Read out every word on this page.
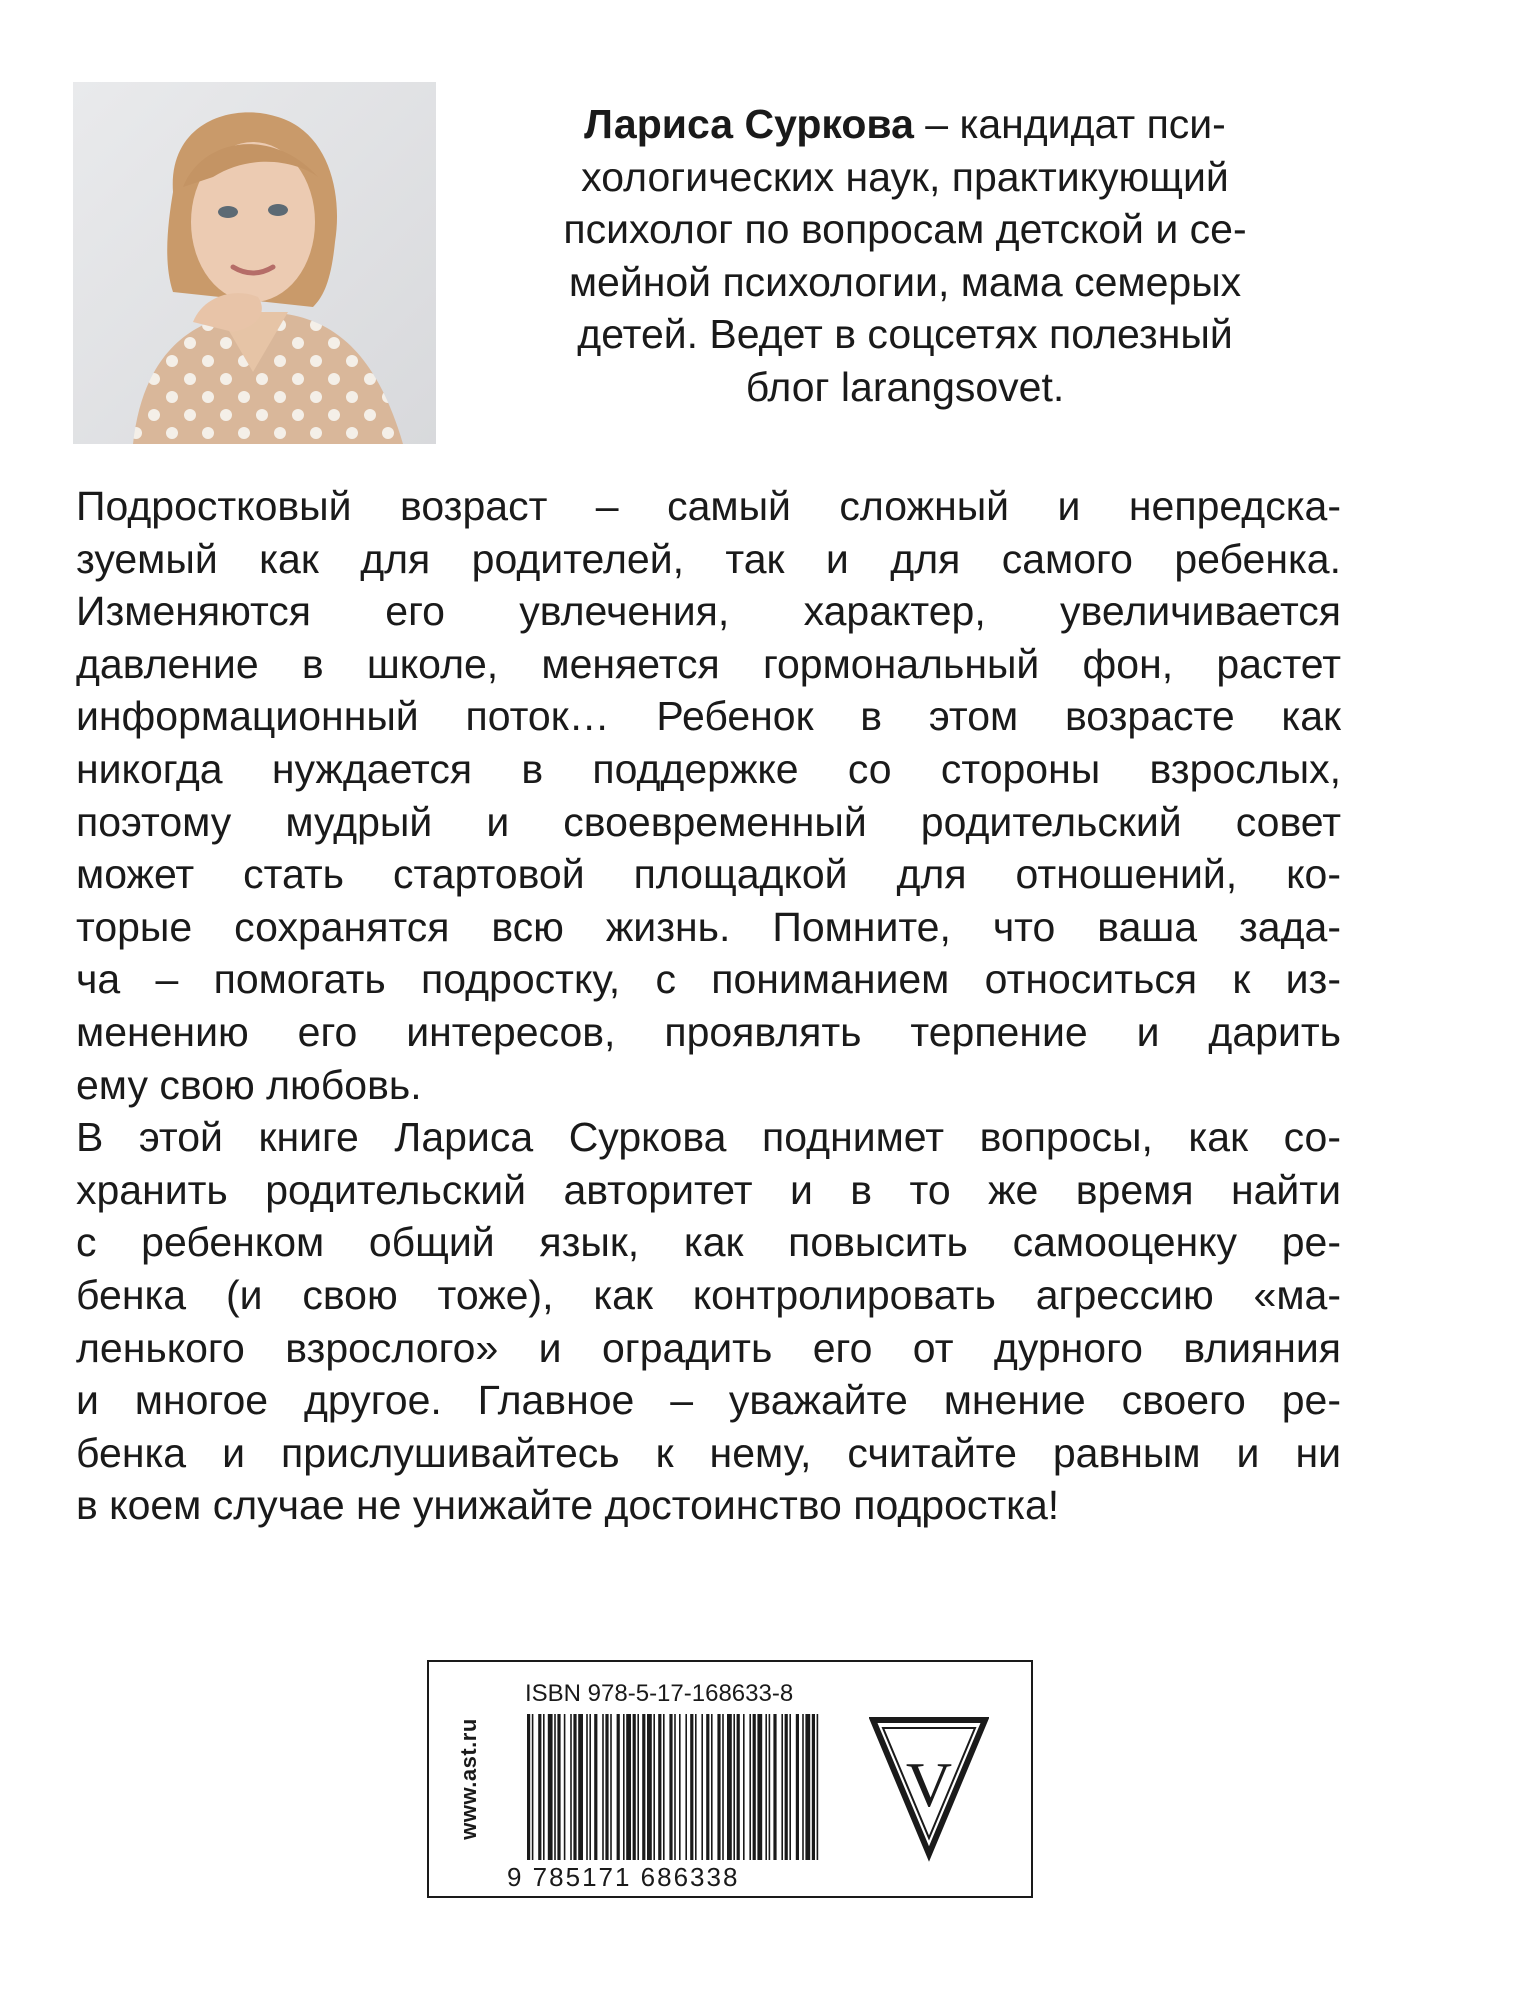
Лариса Суркова – кандидат пси-
хологических наук, практикующий
психолог по вопросам детской и се-
мейной психологии, мама семерых
детей. Ведет в соцсетях полезный
блог larangsovet.
Подростковый возраст – самый сложный и непредска-
зуемый как для родителей, так и для самого ребенка.
Изменяются его увлечения, характер, увеличивается
давление в школе, меняется гормональный фон, растет
информационный поток… Ребенок в этом возрасте как
никогда нуждается в поддержке со стороны взрослых,
поэтому мудрый и своевременный родительский совет
может стать стартовой площадкой для отношений, ко-
торые сохранятся всю жизнь. Помните, что ваша зада-
ча – помогать подростку, с пониманием относиться к из-
менению его интересов, проявлять терпение и дарить
ему свою любовь.
В этой книге Лариса Суркова поднимет вопросы, как со-
хранить родительский авторитет и в то же время найти
с ребенком общий язык, как повысить самооценку ре-
бенка (и свою тоже), как контролировать агрессию «ма-
ленького взрослого» и оградить его от дурного влияния
и многое другое. Главное – уважайте мнение своего ре-
бенка и прислушивайтесь к нему, считайте равным и ни
в коем случае не унижайте достоинство подростка!
www.ast.ru
ISBN 978-5-17-168633-8
9 785171 686338
V
